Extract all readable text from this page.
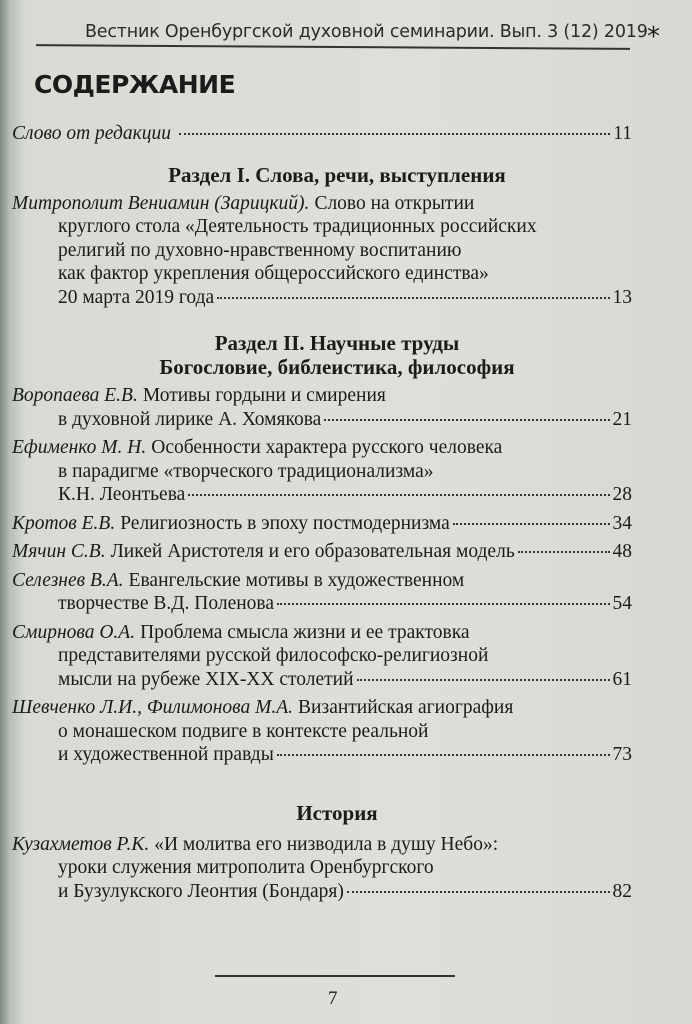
Вестник Оренбургской духовной семинарии. Вып. 3 (12) 2019 *
СОДЕРЖАНИЕ
Слово от редакции	11
Раздел I. Слова, речи, выступления
Митрополит Вениамин (Зарицкий). Слово на открытии
круглого стола «Деятельность традиционных российских
религий по духовно-нравственному воспитанию
как фактор укрепления общероссийского единства»
20 марта 2019 года	13
Раздел II. Научные труды
Богословие, библеистика, философия
Воропаева Е.В. Мотивы гордыни и смирения
в духовной лирике А. Хомякова	21
Ефименко М. Н. Особенности характера русского человека
в парадигме «творческого традиционализма»
К.Н. Леонтьева	28
Кротов Е.В. Религиозность в эпоху постмодернизма	34
Мячин С.В. Ликей Аристотеля и его образовательная модель	48
Селезнев В.А. Евангельские мотивы в художественном
творчестве В.Д. Поленова	54
Смирнова О.А. Проблема смысла жизни и ее трактовка
представителями русской философско-религиозной
мысли на рубеже XIX-XX столетий	61
Шевченко Л.И., Филимонова М.А. Византийская агиография
о монашеском подвиге в контексте реальной
и художественной правды	73
История
Кузахметов Р.К. «И молитва его низводила в душу Небо»:
уроки служения митрополита Оренбургского
и Бузулукского Леонтия (Бондаря)	82
7
